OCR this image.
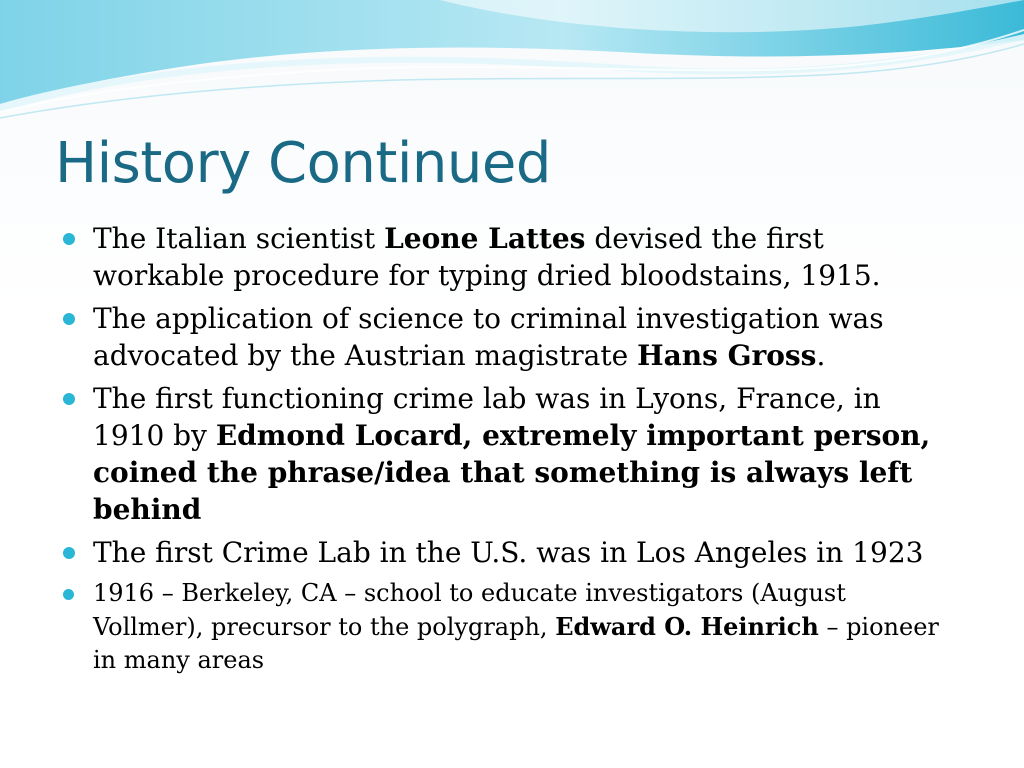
History Continued
The Italian scientist Leone Lattes devised the first workable procedure for typing dried bloodstains, 1915.
The application of science to criminal investigation was advocated by the Austrian magistrate Hans Gross.
The first functioning crime lab was in Lyons, France, in 1910 by Edmond Locard, extremely important person, coined the phrase/idea that something is always left behind
The first Crime Lab in the U.S. was in Los Angeles in 1923
1916 – Berkeley, CA – school to educate investigators (August Vollmer), precursor to the polygraph, Edward O. Heinrich – pioneer in many areas
